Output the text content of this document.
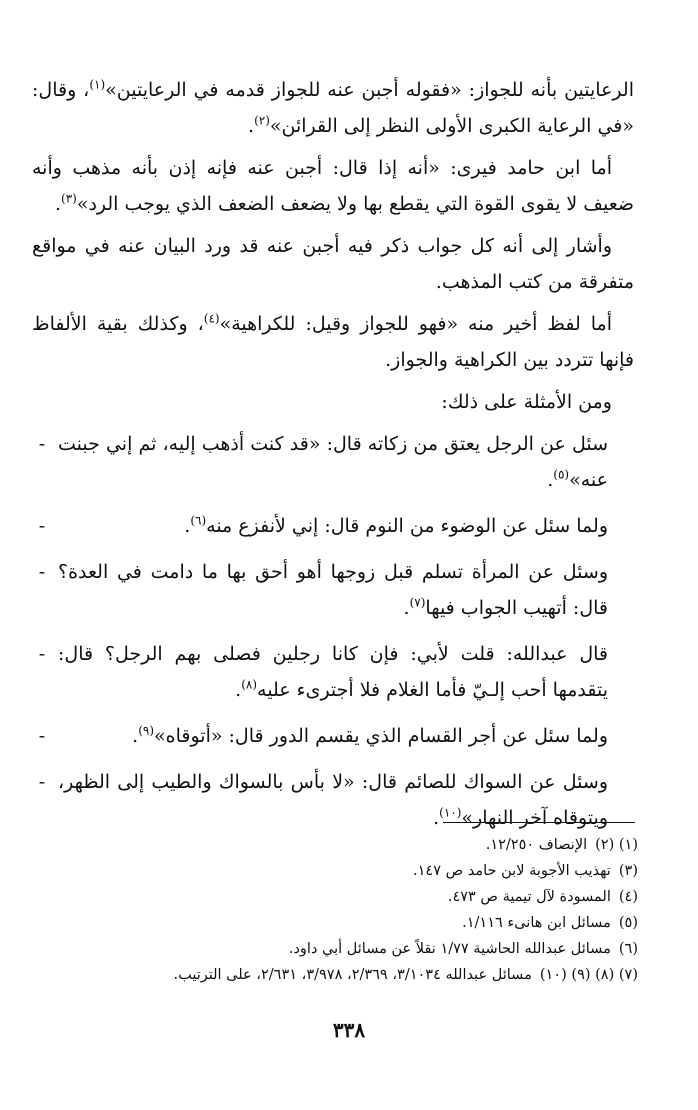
الرعايتين بأنه للجواز: «فقوله أجبن عنه للجواز قدمه في الرعايتين»$^{(١)}$، وقال: «في الرعاية الكبرى الأولى النظر إلى القرائن»$^{(٢)}$.

أما ابن حامد فيرى: «أنه إذا قال: أجبن عنه فإنه إذن بأنه مذهب وأنه ضعيف لا يقوى القوة التي يقطع بها ولا يضعف الضعف الذي يوجب الرد»$^{(٣)}$.

وأشار إلى أنه كل جواب ذكر فيه أجبن عنه قد ورد البيان عنه في مواقع متفرقة من كتب المذهب.

أما لفظ أخير منه «فهو للجواز وقيل: للكراهية»$^{(٤)}$، وكذلك بقية الألفاظ فإنها تتردد بين الكراهية والجواز.

ومن الأمثلة على ذلك:

- سئل عن الرجل يعتق من زكاته قال: «قد كنت أذهب إليه، ثم إني جبنت عنه»$^{(٥)}$.
-	ولما سئل عن الوضوء من النوم قال: إني لأنفزع منه$^{(٦)}$.
- وسئل عن المرأة تسلم قبل زوجها أهو أحق بها ما دامت في العدة؟ قال: أتهيب الجواب فيها$^{(٧)}$.
- قال عبدالله: قلت لأبي: فإن كانا رجلين فصلى بهم الرجل؟ قال: يتقدمها أحب إلـيّ فأما الغلام فلا أجترىء عليه$^{(٨)}$.
-	ولما سئل عن أجر القسام الذي يقسم الدور قال: «أتوقاه»$^{(٩)}$.
- وسئل عن السواك للصائم قال: «لا بأس بالسواك والطيب إلى الظهر، ويتوقاه آخر النهار»$^{(١٠)}$.

(١) (٢)الإنصاف ١٢/٢٥٠.

(٣)تهذيب الأجوبة لابن حامد ص ١٤٧.

(٤)المسودة لآل تيمية ص ٤٧٣.

(٥)مسائل ابن هانىء ١/١١٦.

(٦)مسائل عبدالله الحاشية ١/٧٧ نقلاً عن مسائل أبي داود.

(٧) (٨) (٩) (١٠)مسائل عبدالله ٣/١٠٣٤، ٢/٣٦٩، ٣/٩٧٨، ٢/٦٣١، على الترتيب.

٣٣٨
